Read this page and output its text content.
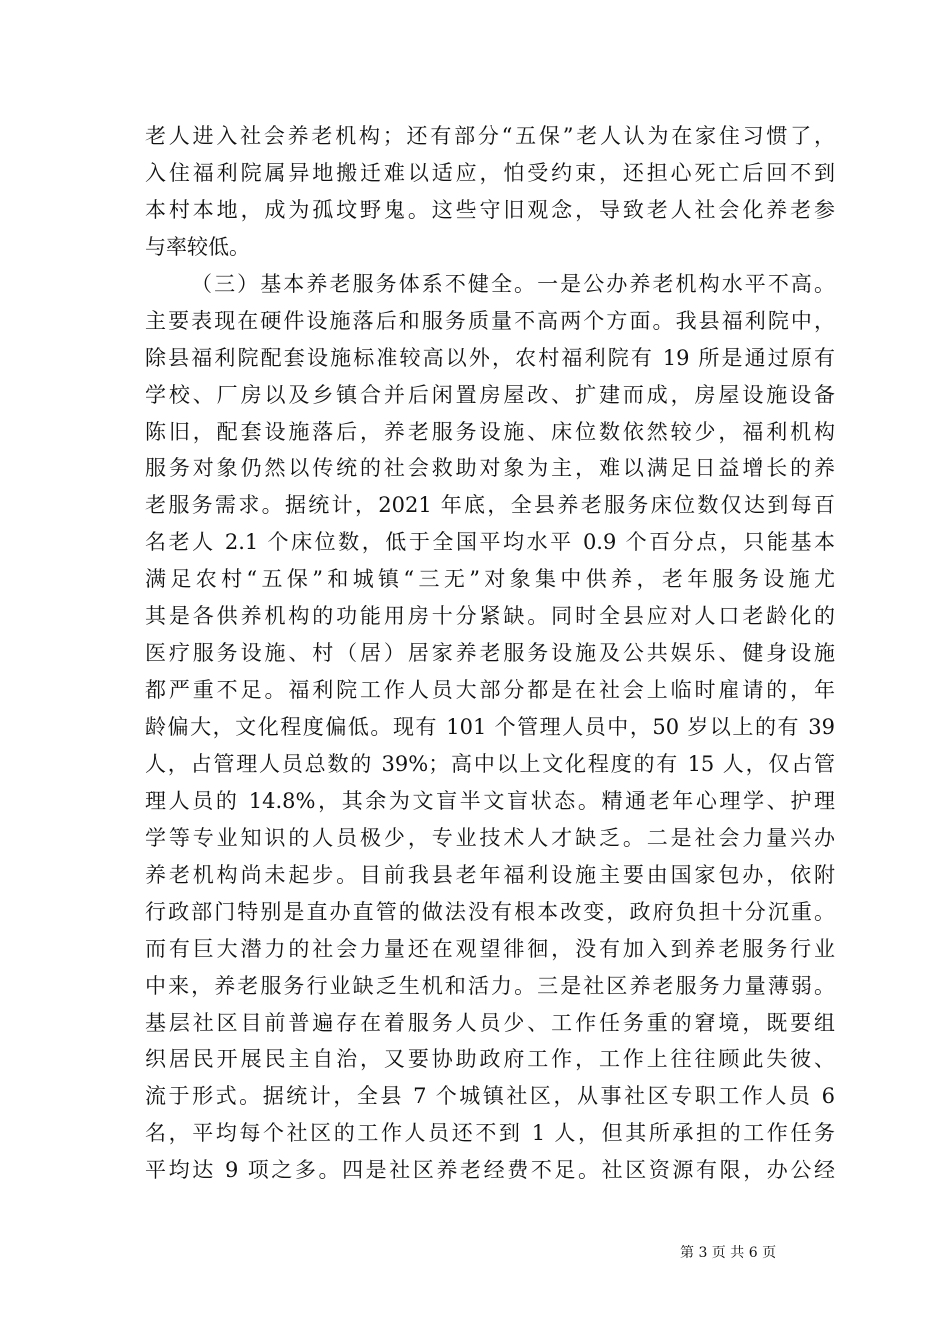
老人进入社会养老机构；还有部分“五保”老人认为在家住习惯了，
入住福利院属异地搬迁难以适应，怕受约束，还担心死亡后回不到
本村本地，成为孤坟野鬼。这些守旧观念，导致老人社会化养老参
与率较低。
（三）基本养老服务体系不健全。一是公办养老机构水平不高。
主要表现在硬件设施落后和服务质量不高两个方面。我县福利院中，
除县福利院配套设施标准较高以外，农村福利院有 19 所是通过原有
学校、厂房以及乡镇合并后闲置房屋改、扩建而成，房屋设施设备
陈旧，配套设施落后，养老服务设施、床位数依然较少，福利机构
服务对象仍然以传统的社会救助对象为主，难以满足日益增长的养
老服务需求。据统计，2021 年底，全县养老服务床位数仅达到每百
名老人 2.1 个床位数，低于全国平均水平 0.9 个百分点，只能基本
满足农村“五保”和城镇“三无”对象集中供养，老年服务设施尤
其是各供养机构的功能用房十分紧缺。同时全县应对人口老龄化的
医疗服务设施、村（居）居家养老服务设施及公共娱乐、健身设施
都严重不足。福利院工作人员大部分都是在社会上临时雇请的，年
龄偏大，文化程度偏低。现有 101 个管理人员中，50 岁以上的有 39
人，占管理人员总数的 39%；高中以上文化程度的有 15 人，仅占管
理人员的 14.8%，其余为文盲半文盲状态。精通老年心理学、护理
学等专业知识的人员极少，专业技术人才缺乏。二是社会力量兴办
养老机构尚未起步。目前我县老年福利设施主要由国家包办，依附
行政部门特别是直办直管的做法没有根本改变，政府负担十分沉重。
而有巨大潜力的社会力量还在观望徘徊，没有加入到养老服务行业
中来，养老服务行业缺乏生机和活力。三是社区养老服务力量薄弱。
基层社区目前普遍存在着服务人员少、工作任务重的窘境，既要组
织居民开展民主自治，又要协助政府工作，工作上往往顾此失彼、
流于形式。据统计，全县 7 个城镇社区，从事社区专职工作人员 6
名，平均每个社区的工作人员还不到 1 人，但其所承担的工作任务
平均达 9 项之多。四是社区养老经费不足。社区资源有限，办公经
第 3 页 共 6 页
